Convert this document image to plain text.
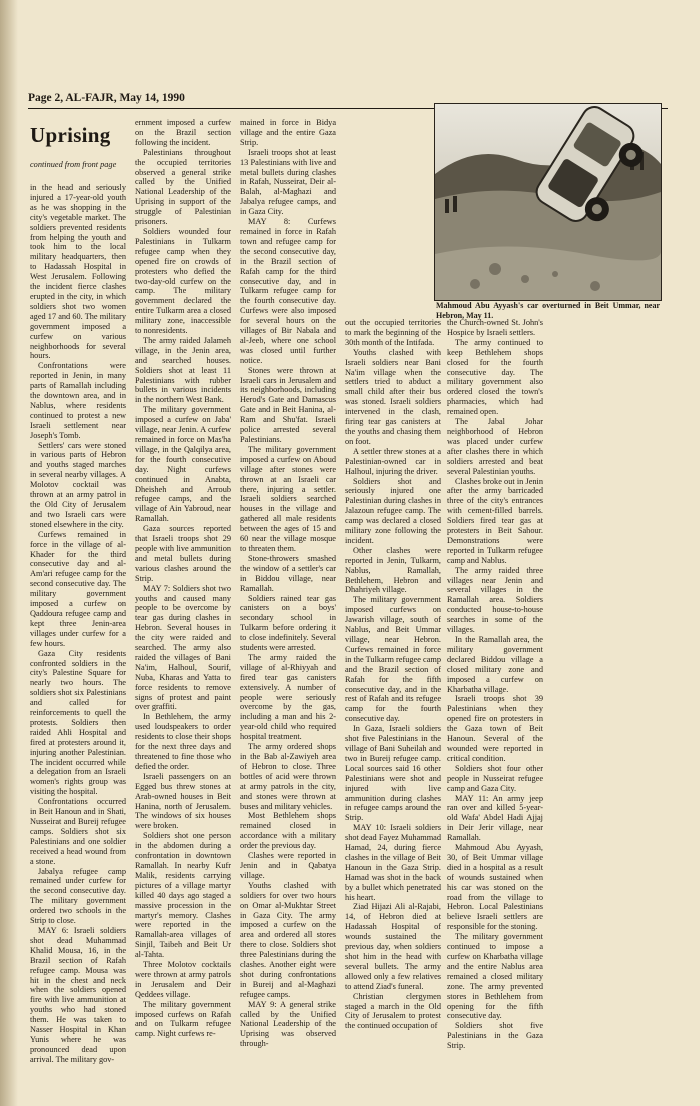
Page 2, AL-FAJR, May 14, 1990
Uprising
continued from front page

in the head and seriously injured a 17-year-old youth as he was shopping in the city's vegetable market. The soldiers prevented residents from helping the youth and took him to the local military headquarters, then to Hadassah Hospital in West Jerusalem. Following the incident fierce clashes erupted in the city, in which soldiers shot two women aged 17 and 60. The military government imposed a curfew on various neighborhoods for several hours.

Confrontations were reported in Jenin, in many parts of Ramallah including the downtown area, and in Nablus, where residents continued to protest a new Israeli settlement near Joseph's Tomb.

Settlers' cars were stoned in various parts of Hebron and youths staged marches in several nearby villages. A Molotov cocktail was thrown at an army patrol in the Old City of Jerusalem and two Israeli cars were stoned elsewhere in the city.

Curfews remained in force in the village of al-Khader for the third consecutive day and al-Am'ari refugee camp for the second consecutive day. The military government imposed a curfew on Qaddoura refugee camp and kept three Jenin-area villages under curfew for a few hours.

Gaza City residents confronted soldiers in the city's Palestine Square for nearly two hours. The soldiers shot six Palestinians and called for reinforcements to quell the protests. Soldiers then raided Ahli Hospital and fired at protesters around it, injuring another Palestinian. The incident occurred while a delegation from an Israeli women's rights group was visiting the hospital.

Confrontations occurred in Beit Hanoun and in Shati, Nusseirat and Bureij refugee camps. Soldiers shot six Palestinians and one soldier received a head wound from a stone.

Jabalya refugee camp remained under curfew for the second consecutive day. The military government ordered two schools in the Strip to close.

MAY 6: Israeli soldiers shot dead Muhammad Khalid Mousa, 16, in the Brazil section of Rafah refugee camp. Mousa was hit in the chest and neck when the soldiers opened fire with live ammunition at youths who had stoned them. He was taken to Nasser Hospital in Khan Yunis where he was pronounced dead upon arrival. The military gov-

ernment imposed a curfew on the Brazil section following the incident.

Palestinians throughout the occupied territories observed a general strike called by the Unified National Leadership of the Uprising in support of the struggle of Palestinian prisoners.

Soldiers wounded four Palestinians in Tulkarm refugee camp when they opened fire on crowds of protesters who defied the two-day-old curfew on the camp. The military government declared the entire Tulkarm area a closed military zone, inaccessible to nonresidents.

The army raided Jalameh village, in the Jenin area, and searched houses. Soldiers shot at least 11 Palestinians with rubber bullets in various incidents in the northern West Bank.

The military government imposed a curfew on Jaba' village, near Jenin. A curfew remained in force on Mas'ha village, in the Qalqilya area, for the fourth consecutive day. Night curfews continued in Anabta, Dheisheh and Arroub refugee camps, and the village of Ain Yabroud, near Ramallah.

Gaza sources reported that Israeli troops shot 29 people with live ammunition and metal bullets during various clashes around the Strip.

MAY 7: Soldiers shot two youths and caused many people to be overcome by tear gas during clashes in Hebron. Several houses in the city were raided and searched. The army also raided the villages of Bani Na'im, Halhoul, Sourif, Nuba, Kharas and Yatta to force residents to remove signs of protest and paint over graffiti.

In Bethlehem, the army used loudspeakers to order residents to close their shops for the next three days and threatened to fine those who defied the order.

Israeli passengers on an Egged bus threw stones at Arab-owned houses in Beit Hanina, north of Jerusalem. The windows of six houses were broken.

Soldiers shot one person in the abdomen during a confrontation in downtown Ramallah. In nearby Kufr Malik, residents carrying pictures of a village martyr killed 40 days ago staged a massive procession in the martyr's memory. Clashes were reported in the Ramallah-area villages of Sinjil, Taibeh and Beit Ur al-Tahta.

Three Molotov cocktails were thrown at army patrols in Jerusalem and Deir Qeddees village.

The military government imposed curfews on Rafah and on Tulkarm refugee camp. Night curfews re-

mained in force in Bidya village and the entire Gaza Strip.

Israeli troops shot at least 13 Palestinians with live and metal bullets during clashes in Rafah, Nusseirat, Deir al-Balah, al-Maghazi and Jabalya refugee camps, and in Gaza City.

MAY 8: Curfews remained in force in Rafah town and refugee camp for the second consecutive day, in the Brazil section of Rafah camp for the third consecutive day, and in Tulkarm refugee camp for the fourth consecutive day. Curfews were also imposed for several hours on the villages of Bir Nabala and al-Jeeb, where one school was closed until further notice.

Stones were thrown at Israeli cars in Jerusalem and its neighborhoods, including Herod's Gate and Damascus Gate and in Beit Hanina, al-Ram and Shu'fat. Israeli police arrested several Palestinians.

The military government imposed a curfew on Aboud village after stones were thrown at an Israeli car there, injuring a settler. Israeli soldiers searched houses in the village and gathered all male residents between the ages of 15 and 60 near the village mosque to threaten them.

Stone-throwers smashed the window of a settler's car in Biddou village, near Ramallah.

Soldiers rained tear gas canisters on a boys' secondary school in Tulkarm before ordering it to close indefinitely. Several students were arrested.

The army raided the village of al-Rhiyyah and fired tear gas canisters extensively. A number of people were seriously overcome by the gas, including a man and his 2-year-old child who required hospital treatment.

The army ordered shops in the Bab al-Zawiyeh area of Hebron to close. Three bottles of acid were thrown at army patrols in the city, and stones were thrown at buses and military vehicles.

Most Bethlehem shops remained closed in accordance with a military order the previous day.

Clashes were reported in Jenin and in Qabatya village.

Youths clashed with soldiers for over two hours on Omar al-Mukhtar Street in Gaza City. The army imposed a curfew on the area and ordered all stores there to close. Soldiers shot three Palestinians during the clashes. Another eight were shot during confrontations in Bureij and al-Maghazi refugee camps.

MAY 9: A general strike called by the Unified National Leadership of the Uprising was observed through-

Mahmoud Abu Ayyash's car overturned in Beit Ummar, near Hebron, May 11.

out the occupied territories to mark the beginning of the 30th month of the Intifada.

Youths clashed with Israeli soldiers near Bani Na'im village when the settlers tried to abduct a small child after their bus was stoned. Israeli soldiers intervened in the clash, firing tear gas canisters at the youths and chasing them on foot.

A settler threw stones at a Palestinian-owned car in Halhoul, injuring the driver.

Soldiers shot and seriously injured one Palestinian during clashes in Jalazoun refugee camp. The camp was declared a closed military zone following the incident.

Other clashes were reported in Jenin, Tulkarm, Nablus, Ramallah, Bethlehem, Hebron and Dhahriyeh village.

The military government imposed curfews on Jawarish village, south of Nablus, and Beit Ummar village, near Hebron. Curfews remained in force in the Tulkarm refugee camp and the Brazil section of Rafah for the fifth consecutive day, and in the rest of Rafah and its refugee camp for the fourth consecutive day.

In Gaza, Israeli soldiers shot five Palestinians in the village of Bani Suheilah and two in Bureij refugee camp. Local sources said 16 other Palestinians were shot and injured with live ammunition during clashes in refugee camps around the Strip.

MAY 10: Israeli soldiers shot dead Fayez Muhammad Hamad, 24, during fierce clashes in the village of Beit Hanoun in the Gaza Strip. Hamad was shot in the back by a bullet which penetrated his heart.

Ziad Hijazi Ali al-Rajabi, 14, of Hebron died at Hadassah Hospital of wounds sustained the previous day, when soldiers shot him in the head with several bullets. The army allowed only a few relatives to attend Ziad's funeral.

Christian clergymen staged a march in the Old City of Jerusalem to protest the continued occupation of

the Church-owned St. John's Hospice by Israeli settlers.

The army continued to keep Bethlehem shops closed for the fourth consecutive day. The military government also ordered closed the town's pharmacies, which had remained open.

The Jabal Johar neighborhood of Hebron was placed under curfew after clashes there in which soldiers arrested and beat several Palestinian youths.

Clashes broke out in Jenin after the army barricaded three of the city's entrances with cement-filled barrels. Soldiers fired tear gas at protesters in Beit Sahour. Demonstrations were reported in Tulkarm refugee camp and Nablus.

The army raided three villages near Jenin and several villages in the Ramallah area. Soldiers conducted house-to-house searches in some of the villages.

In the Ramallah area, the military government declared Biddou village a closed military zone and imposed a curfew on Kharbatha village.

Israeli troops shot 39 Palestinians when they opened fire on protesters in the Gaza town of Beit Hanoun. Several of the wounded were reported in critical condition.

Soldiers shot four other people in Nusseirat refugee camp and Gaza City.

MAY 11: An army jeep ran over and killed 5-year-old Wafa' Abdel Hadi Ajjaj in Deir Jerir village, near Ramallah.

Mahmoud Abu Ayyash, 30, of Beit Ummar village died in a hospital as a result of wounds sustained when his car was stoned on the road from the village to Hebron. Local Palestinians believe Israeli settlers are responsible for the stoning.

The military government continued to impose a curfew on Kharbatha village and the entire Nablus area remained a closed military zone. The army prevented stores in Bethlehem from opening for the fifth consecutive day.

Soldiers shot five Palestinians in the Gaza Strip.
